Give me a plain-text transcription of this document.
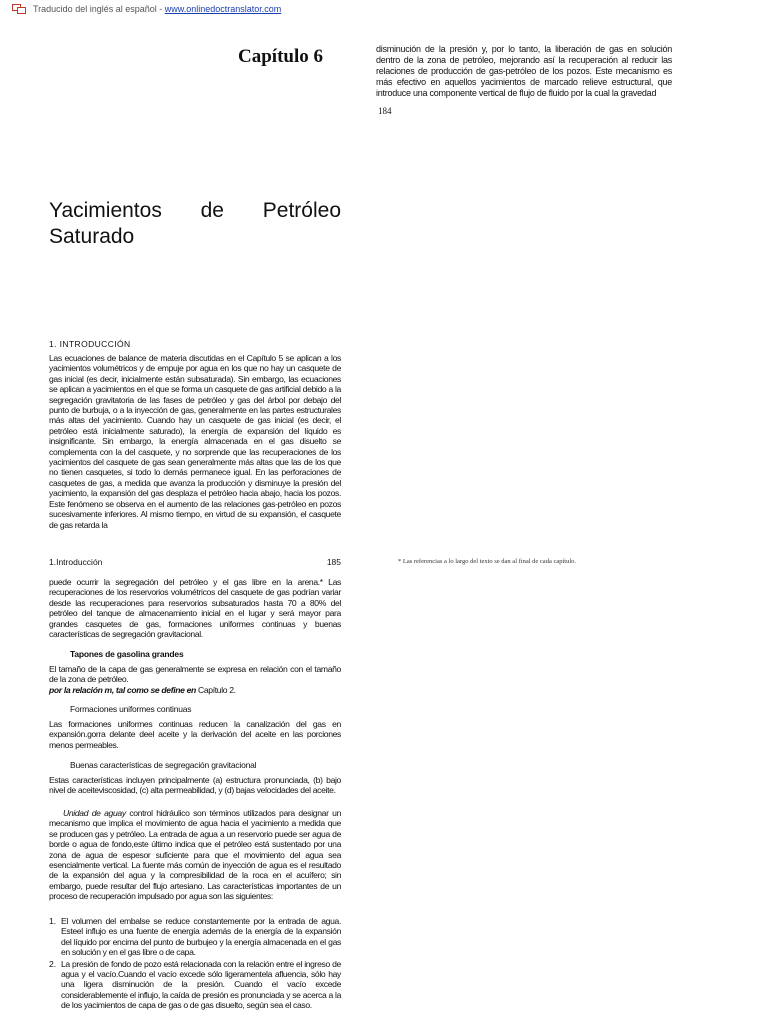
Traducido del inglés al español - www.onlinedoctranslator.com
Capítulo 6	disminución de la presión y, por lo tanto, la liberación de gas en solución dentro de la zona de petróleo, mejorando así la recuperación al reducir las relaciones de producción de gas-petróleo de los pozos. Este mecanismo es más efectivo en aquellos yacimientos de marcado relieve estructural, que introduce una componente vertical de flujo de fluido por la cual la gravedad
184
Yacimientos de Petróleo
Saturado
1. INTRODUCCIÓN
Las ecuaciones de balance de materia discutidas en el Capítulo 5 se aplican a los yacimientos volumétricos y de empuje por agua en los que no hay un casquete de gas inicial (es decir, inicialmente están subsaturada). Sin embargo, las ecuaciones se aplican a yacimientos en el que se forma un casquete de gas artificial debido a la segregación gravitatoria de las fases de petróleo y gas del árbol por debajo del punto de burbuja, o a la inyección de gas, generalmente en las partes estructurales más altas del yacimiento. Cuando hay un casquete de gas inicial (es decir, el petróleo está inicialmente saturado), la energía de expansión del líquido es insignificante. Sin embargo, la energía almacenada en el gas disuelto se complementa con la del casquete, y no sorprende que las recuperaciones de los yacimientos del casquete de gas sean generalmente más altas que las de los que no tienen casquetes, si todo lo demás permanece igual. En las perforaciones de casquetes de gas, a medida que avanza la producción y disminuye la presión del yacimiento, la expansión del gas desplaza el petróleo hacia abajo, hacia los pozos. Este fenómeno se observa en el aumento de las relaciones gas-petróleo en pozos sucesivamente inferiores. Al mismo tiempo, en virtud de su expansión, el casquete de gas retarda la
1.Introducción	185	* Las referencias a lo largo del texto se dan al final de cada capítulo.
puede ocurrir la segregación del petróleo y el gas libre en la arena.* Las recuperaciones de los reservorios volumétricos del casquete de gas podrían variar desde las recuperaciones para reservorios subsaturados hasta 70 a 80% del petróleo del tanque de almacenamiento inicial en el lugar y será mayor para grandes casquetes de gas, formaciones uniformes continuas y buenas características de segregación gravitacional.
Tapones de gasolina grandes
El tamaño de la capa de gas generalmente se expresa en relación con el tamaño de la zona de petróleo.
por la relación m, tal como se define en Capítulo 2.
Formaciones uniformes continuas
Las formaciones uniformes continuas reducen la canalización del gas en expansión.gorra delante deel aceite y la derivación del aceite en las porciones menos permeables.
Buenas características de segregación gravitacional
Estas características incluyen principalmente (a) estructura pronunciada, (b) bajo nivel de aceiteviscosidad, (c) alta permeabilidad, y (d) bajas velocidades del aceite.
Unidad de aguay control hidráulico son términos utilizados para designar un mecanismo que implica el movimiento de agua hacia el yacimiento a medida que se producen gas y petróleo. La entrada de agua a un reservorio puede ser agua de borde o agua de fondo,este último indica que el petróleo está sustentado por una zona de agua de espesor suficiente para que el movimiento del agua sea esencialmente vertical. La fuente más común de inyección de agua es el resultado de la expansión del agua y la compresibilidad de la roca en el acuífero; sin embargo, puede resultar del flujo artesiano. Las características importantes de un proceso de recuperación impulsado por agua son las siguientes:
1. El volumen del embalse se reduce constantemente por la entrada de agua. Esteel influjo es una fuente de energía además de la energía de la expansión del líquido por encima del punto de burbujeo y la energía almacenada en el gas en solución y en el gas libre o de capa.
2. La presión de fondo de pozo está relacionada con la relación entre el ingreso de agua y el vacío.Cuando el vacío excede sólo ligeramentela afluencia, sólo hay una ligera disminución de la presión. Cuando el vacío excede considerablemente el influjo, la caída de presión es pronunciada y se acerca a la de los yacimientos de capa de gas o de gas disuelto, según sea el caso.
